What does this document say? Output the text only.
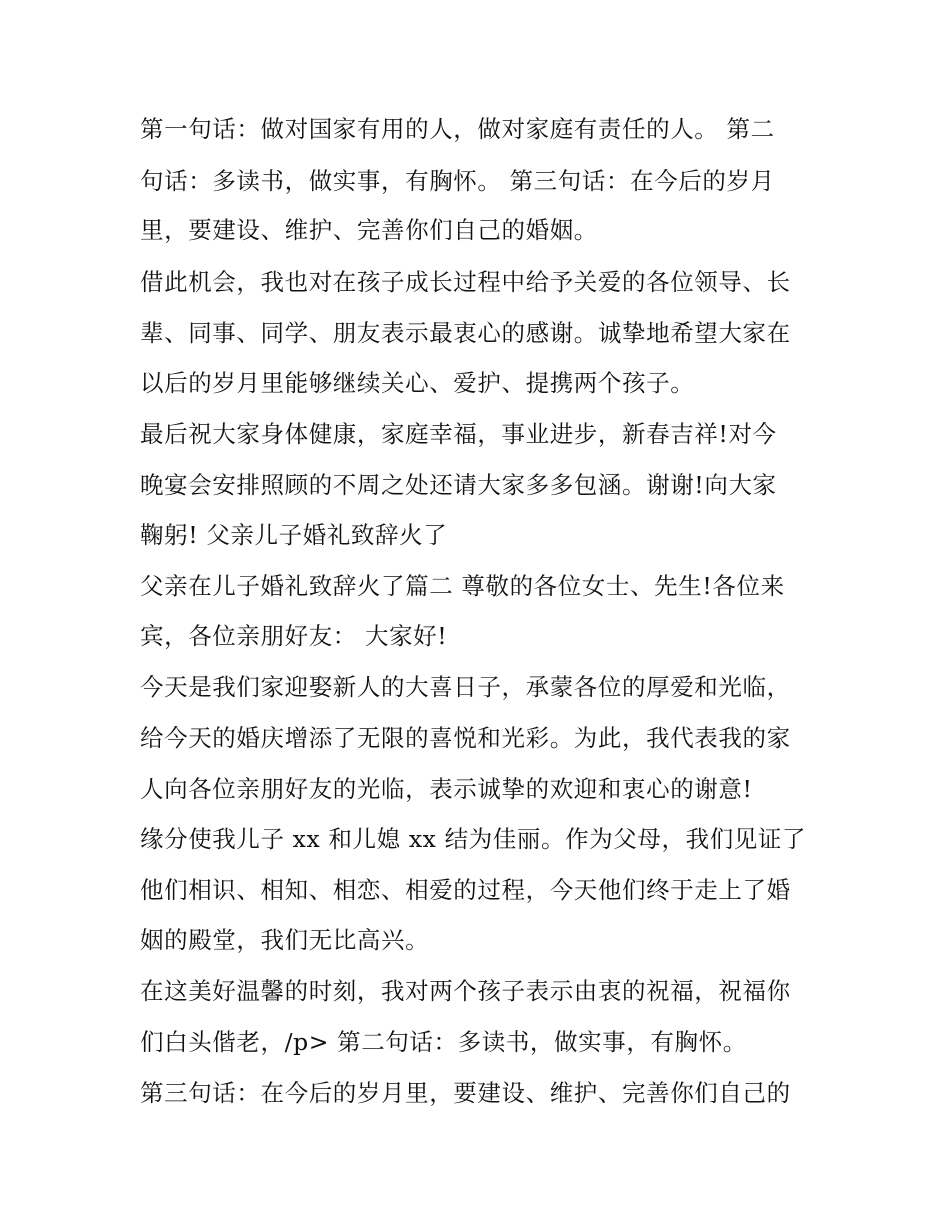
第一句话：做对国家有用的人，做对家庭有责任的人。 第二
句话：多读书，做实事，有胸怀。 第三句话：在今后的岁月
里，要建设、维护、完善你们自己的婚姻。
借此机会，我也对在孩子成长过程中给予关爱的各位领导、长
辈、同事、同学、朋友表示最衷心的感谢。诚挚地希望大家在
以后的岁月里能够继续关心、爱护、提携两个孩子。
最后祝大家身体健康，家庭幸福，事业进步，新春吉祥!对今
晚宴会安排照顾的不周之处还请大家多多包涵。谢谢!向大家
鞠躬! 父亲儿子婚礼致辞火了
父亲在儿子婚礼致辞火了篇二 尊敬的各位女士、先生!各位来
宾，各位亲朋好友： 大家好!
今天是我们家迎娶新人的大喜日子，承蒙各位的厚爱和光临，
给今天的婚庆增添了无限的喜悦和光彩。为此，我代表我的家
人向各位亲朋好友的光临，表示诚挚的欢迎和衷心的谢意!
缘分使我儿子 xx 和儿媳 xx 结为佳丽。作为父母，我们见证了
他们相识、相知、相恋、相爱的过程，今天他们终于走上了婚
姻的殿堂，我们无比高兴。
在这美好温馨的时刻，我对两个孩子表示由衷的祝福，祝福你
们白头偕老，/p> 第二句话：多读书，做实事，有胸怀。
第三句话：在今后的岁月里，要建设、维护、完善你们自己的
